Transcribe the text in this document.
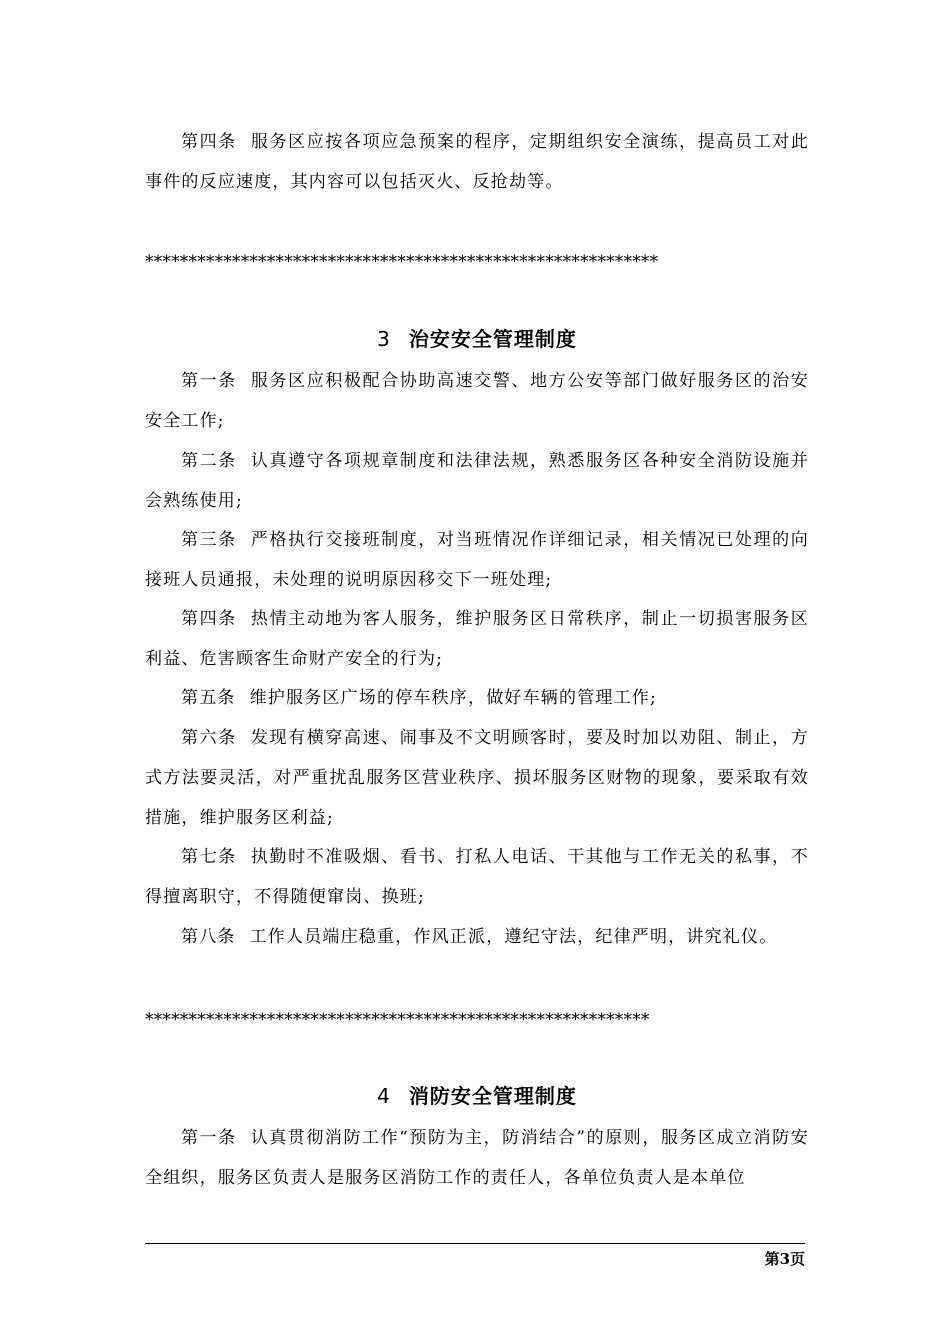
第四条 服务区应按各项应急预案的程序，定期组织安全演练，提高员工对此事件的反应速度，其内容可以包括灭火、反抢劫等。

***********************************************************
3 治安安全管理制度

第一条 服务区应积极配合协助高速交警、地方公安等部门做好服务区的治安安全工作;

第二条 认真遵守各项规章制度和法律法规，熟悉服务区各种安全消防设施并会熟练使用;

第三条 严格执行交接班制度，对当班情况作详细记录，相关情况已处理的向接班人员通报，未处理的说明原因移交下一班处理;

第四条 热情主动地为客人服务，维护服务区日常秩序，制止一切损害服务区利益、危害顾客生命财产安全的行为;

第五条 维护服务区广场的停车秩序，做好车辆的管理工作;

第六条 发现有横穿高速、闹事及不文明顾客时，要及时加以劝阻、制止，方式方法要灵活，对严重扰乱服务区营业秩序、损坏服务区财物的现象，要采取有效措施，维护服务区利益;

第七条 执勤时不准吸烟、看书、打私人电话、干其他与工作无关的私事，不得擅离职守，不得随便窜岗、换班;

第八条 工作人员端庄稳重，作风正派，遵纪守法，纪律严明，讲究礼仪。

**********************************************************
4 消防安全管理制度

第一条 认真贯彻消防工作“预防为主，防消结合”的原则，服务区成立消防安全组织，服务区负责人是服务区消防工作的责任人，各单位负责人是本单位

第3页
